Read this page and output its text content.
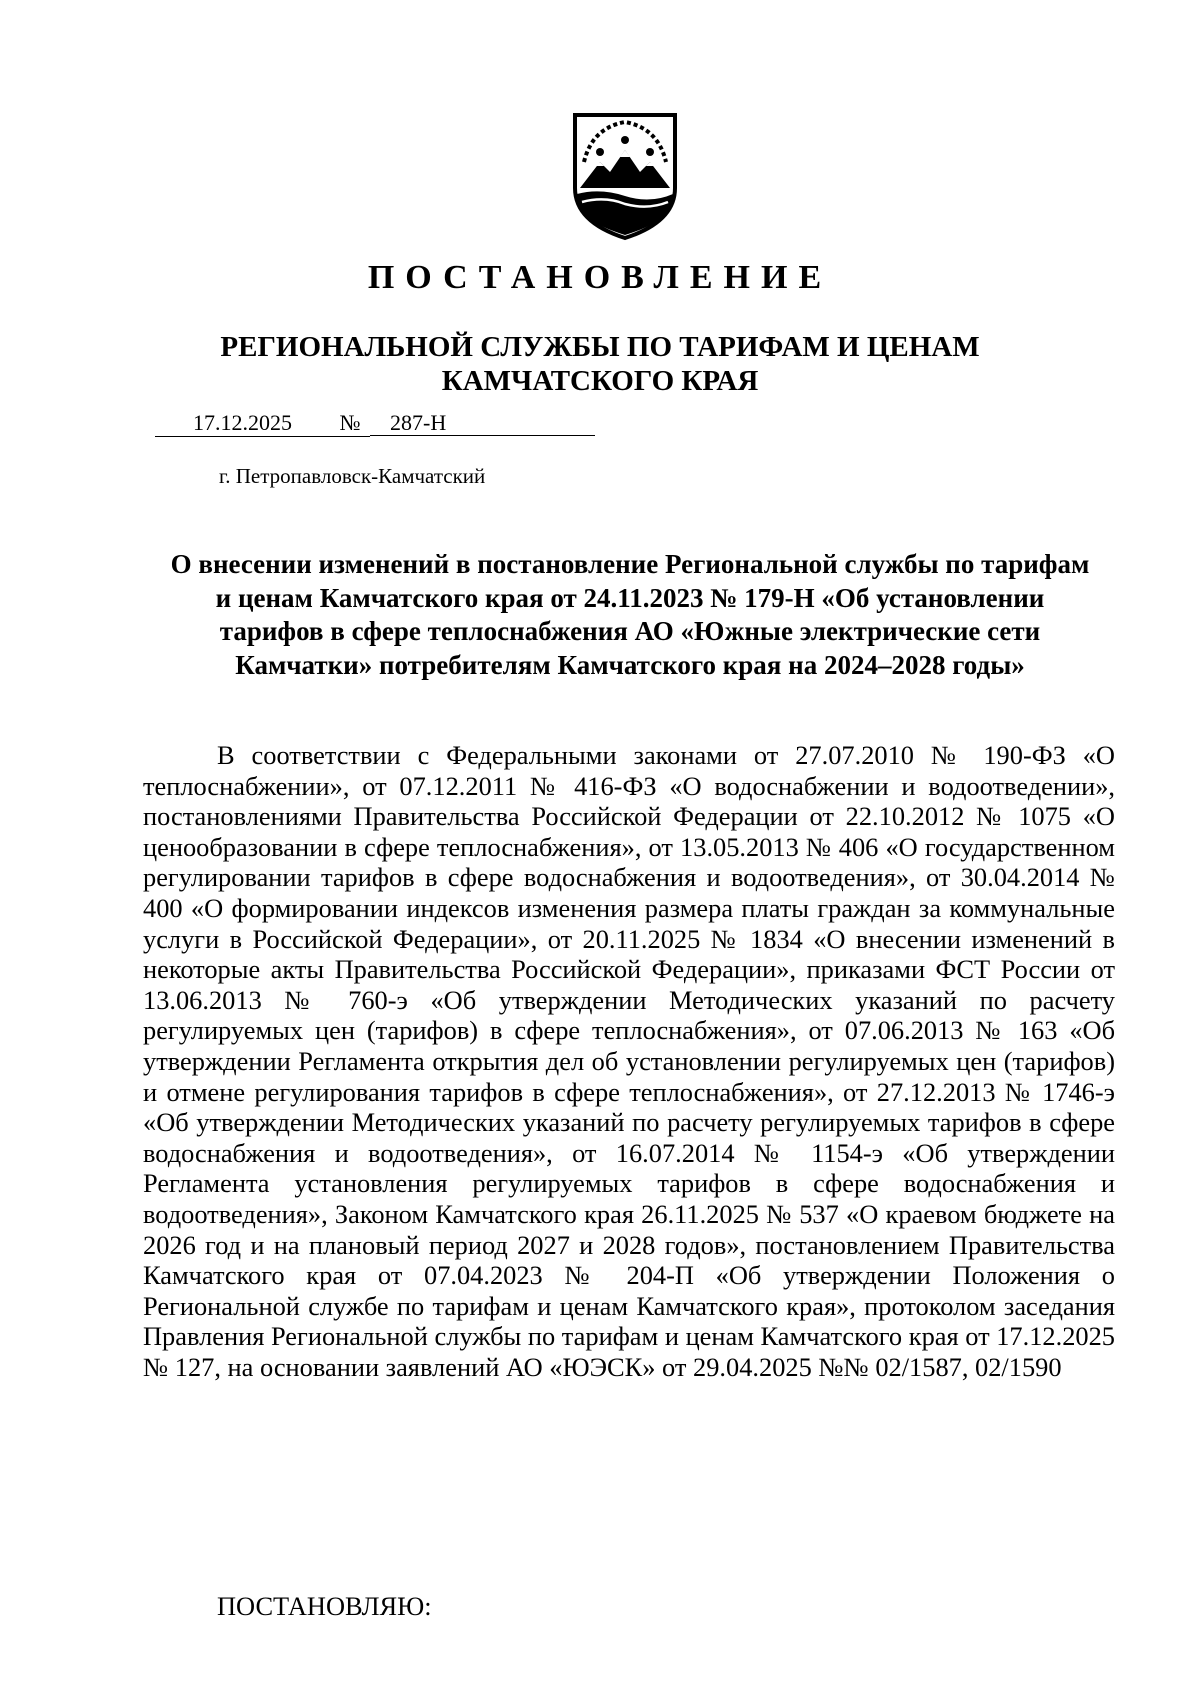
ПОСТАНОВЛЕНИЕ
РЕГИОНАЛЬНОЙ СЛУЖБЫ ПО ТАРИФАМ И ЦЕНАМ
КАМЧАТСКОГО КРАЯ
17.12.2025 № 287-Н
г. Петропавловск-Камчатский
О внесении изменений в постановление Региональной службы по тарифам
и ценам Камчатского края от 24.11.2023 № 179-Н «Об установлении
тарифов в сфере теплоснабжения АО «Южные электрические сети
Камчатки» потребителям Камчатского края на 2024–2028 годы»

В соответствии с Федеральными законами от 27.07.2010 № 190-ФЗ «О теплоснабжении», от 07.12.2011 № 416-ФЗ «О водоснабжении и водоотведении», постановлениями Правительства Российской Федерации от 22.10.2012 № 1075 «О ценообразовании в сфере теплоснабжения», от 13.05.2013 № 406 «О государственном регулировании тарифов в сфере водоснабжения и водоотведения», от 30.04.2014 № 400 «О формировании индексов изменения размера платы граждан за коммунальные услуги в Российской Федерации», от 20.11.2025 № 1834 «О внесении изменений в некоторые акты Правительства Российской Федерации», приказами ФСТ России от 13.06.2013 № 760-э «Об утверждении Методических указаний по расчету регулируемых цен (тарифов) в сфере теплоснабжения», от 07.06.2013 № 163 «Об утверждении Регламента открытия дел об установлении регулируемых цен (тарифов) и отмене регулирования тарифов в сфере теплоснабжения», от 27.12.2013 № 1746-э «Об утверждении Методических указаний по расчету регулируемых тарифов в сфере водоснабжения и водоотведения», от 16.07.2014 № 1154-э «Об утверждении Регламента установления регулируемых тарифов в сфере водоснабжения и водоотведения», Законом Камчатского края 26.11.2025 № 537 «О краевом бюджете на 2026 год и на плановый период 2027 и 2028 годов», постановлением Правительства Камчатского края от 07.04.2023 № 204-П «Об утверждении Положения о Региональной службе по тарифам и ценам Камчатского края», протоколом заседания Правления Региональной службы по тарифам и ценам Камчатского края от 17.12.2025 № 127, на основании заявлений АО «ЮЭСК» от 29.04.2025 №№ 02/1587, 02/1590

ПОСТАНОВЛЯЮ:
